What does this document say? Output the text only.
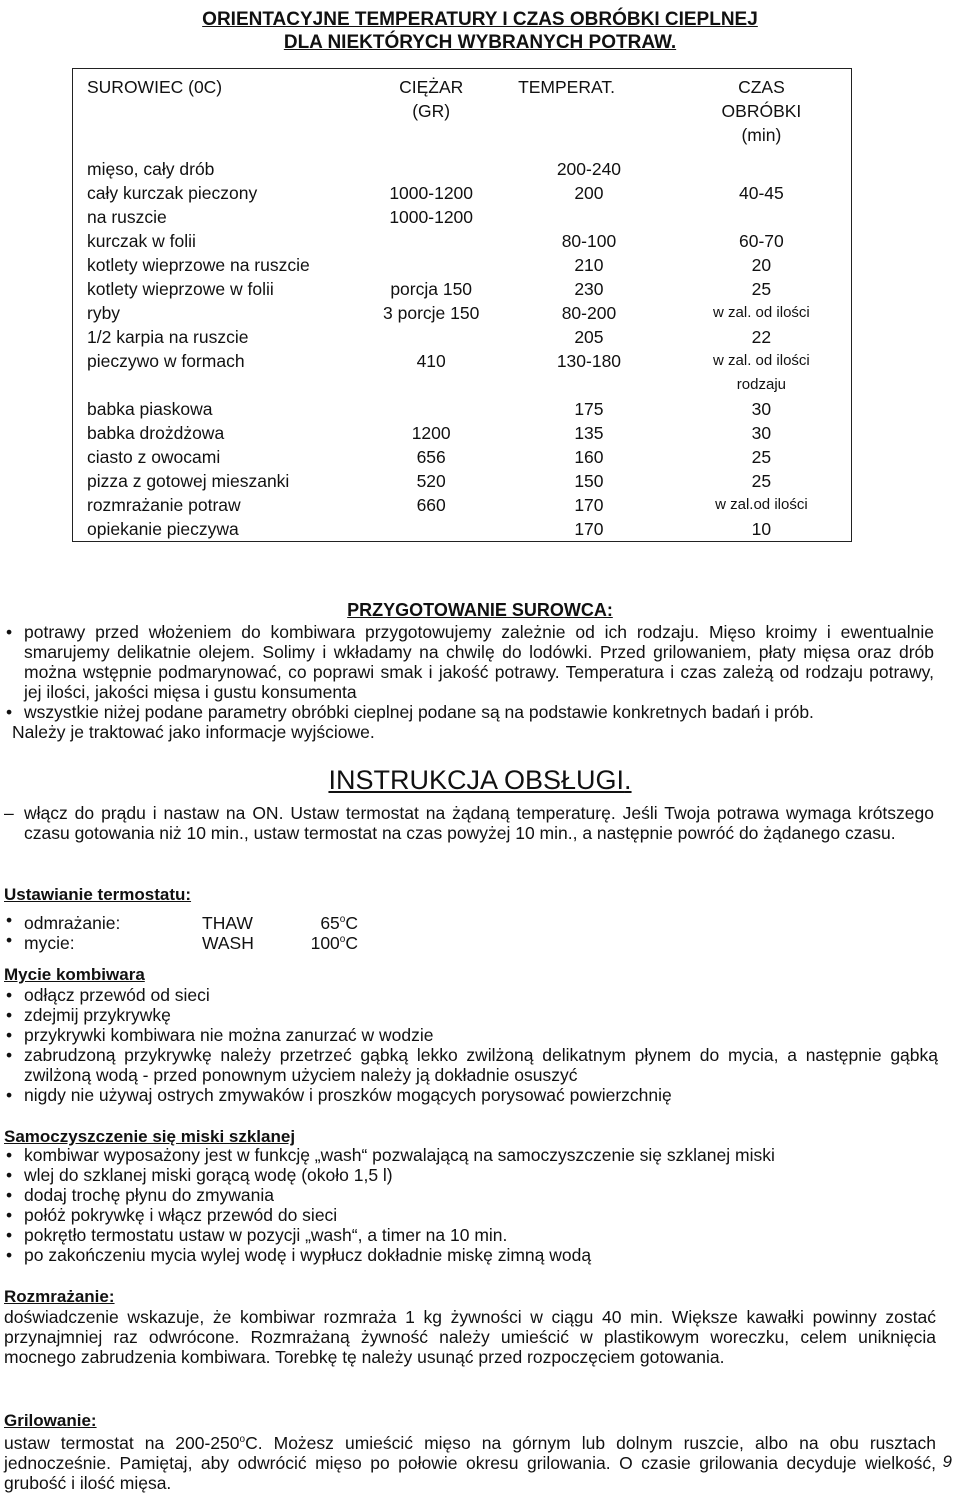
ORIENTACYJNE TEMPERATURY I CZAS OBRÓBKI CIEPLNEJ
DLA NIEKTÓRYCH WYBRANYCH POTRAW.
SUROWIEC (0C)	CIĘŻAR (GR)	TEMPERAT.	CZAS OBRÓBKI (min)

mięso, cały drób		200-240	
cały kurczak pieczony	1000-1200	200	40-45
na ruszcie	1000-1200		
kurczak w folii		80-100	60-70
kotlety wieprzowe na ruszcie		210	20
kotlety wieprzowe w folii	porcja 150	230	25
ryby	3 porcje 150	80-200	w zal. od ilości
1/2 karpia na ruszcie		205	22
pieczywo w formach	410	130-180	w zal. od ilości
			rodzaju
babka piaskowa		175	30
babka drożdżowa	1200	135	30
ciasto z owocami	656	160	25
pizza z gotowej mieszanki	520	150	25
rozmrażanie potraw	660	170	w zal.od ilości
opiekanie pieczywa		170	10
PRZYGOTOWANIE SUROWCA:

• potrawy przed włożeniem do kombiwara przygotowujemy zależnie od ich rodzaju. Mięso kroimy i ewentualnie smarujemy delikatnie olejem. Solimy i wkładamy na chwilę do lodówki. Przed grilowaniem, płaty mięsa oraz drób można wstępnie podmarynować, co poprawi smak i jakość potrawy. Temperatura i czas zależą od rodzaju potrawy, jej ilości, jakości mięsa i gustu konsumenta

• wszystkie niżej podane parametry obróbki cieplnej podane są na podstawie konkretnych badań i prób.

Należy je traktować jako informacje wyjściowe.

INSTRUKCJA OBSŁUGI.
– włącz do prądu i nastaw na ON. Ustaw termostat na żądaną temperaturę. Jeśli Twoja potrawa wymaga krótszego czasu gotowania niż 10 min., ustaw termostat na czas powyżej 10 min., a następnie powróć do żądanego czasu.
Ustawianie termostatu:
• odmrażanie:	THAW	65$^o$C
• mycie:	WASH	100$^o$C
Mycie kombiwara

• odłącz przewód od sieci

• zdejmij przykrywkę

• przykrywki kombiwara nie można zanurzać w wodzie

• zabrudzoną przykrywkę należy przetrzeć gąbką lekko zwilżoną delikatnym płynem do mycia, a następnie gąbką zwilżoną wodą - przed ponownym użyciem należy ją dokładnie osuszyć

• nigdy nie używaj ostrych zmywaków i proszków mogących porysować powierzchnię

Samoczyszczenie się miski szklanej

• kombiwar wyposażony jest w funkcję „wash“ pozwalającą na samoczyszczenie się szklanej miski

• wlej do szklanej miski gorącą wodę (około 1,5 l)

• dodaj trochę płynu do zmywania

• połóż pokrywkę i włącz przewód do sieci

• pokrętło termostatu ustaw w pozycji „wash“, a timer na 10 min.

• po zakończeniu mycia wylej wodę i wypłucz dokładnie miskę zimną wodą

Rozmrażanie:
doświadczenie wskazuje, że kombiwar rozmraża 1 kg żywności w ciągu 40 min. Większe kawałki powinny zostać przynajmniej raz odwrócone. Rozmrażaną żywność należy umieścić w plastikowym woreczku, celem uniknięcia mocnego zabrudzenia kombiwara. Torebkę tę należy usunąć przed rozpoczęciem gotowania.
Grilowanie:
ustaw termostat na 200-250$^o$C. Możesz umieścić mięso na górnym lub dolnym ruszcie, albo na obu rusztach jednocześnie. Pamiętaj, aby odwrócić mięso po połowie okresu grilowania. O czasie grilowania decyduje wielkość, grubość i ilość mięsa.
9
